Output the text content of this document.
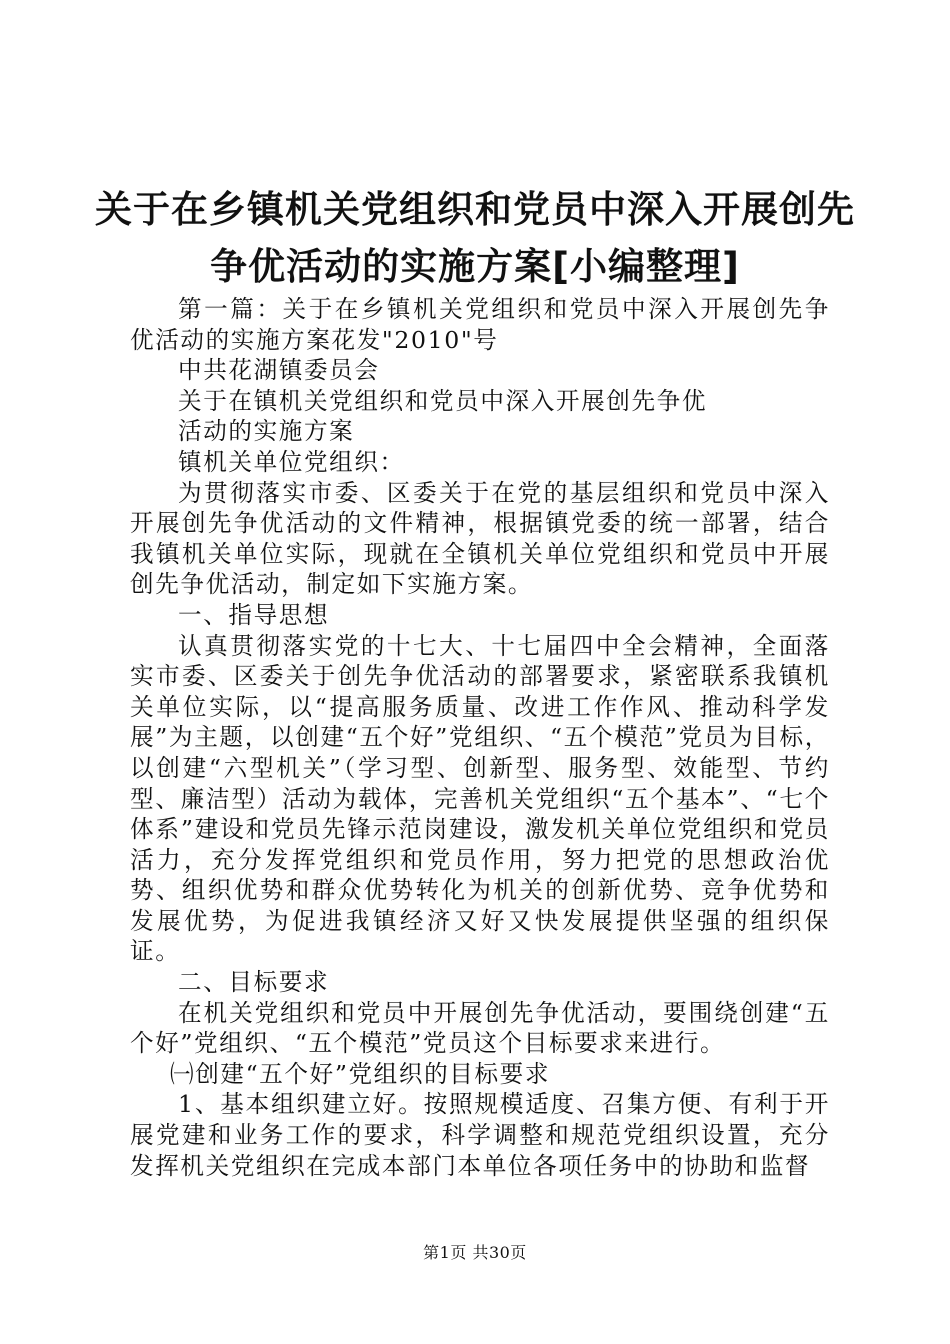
关于在乡镇机关党组织和党员中深入开展创先
争优活动的实施方案[小编整理]

第一篇：关于在乡镇机关党组织和党员中深入开展创先争优活动的实施方案花发"2010"号

中共花湖镇委员会

关于在镇机关党组织和党员中深入开展创先争优

活动的实施方案

镇机关单位党组织：

为贯彻落实市委、区委关于在党的基层组织和党员中深入开展创先争优活动的文件精神，根据镇党委的统一部署，结合我镇机关单位实际，现就在全镇机关单位党组织和党员中开展创先争优活动，制定如下实施方案。

一、指导思想

认真贯彻落实党的十七大、十七届四中全会精神，全面落实市委、区委关于创先争优活动的部署要求，紧密联系我镇机关单位实际，以“提高服务质量、改进工作作风、推动科学发展”为主题，以创建“五个好”党组织、“五个模范”党员为目标，以创建“六型机关”（学习型、创新型、服务型、效能型、节约型、廉洁型）活动为载体，完善机关党组织“五个基本”、“七个体系”建设和党员先锋示范岗建设，激发机关单位党组织和党员活力，充分发挥党组织和党员作用，努力把党的思想政治优势、组织优势和群众优势转化为机关的创新优势、竞争优势和发展优势，为促进我镇经济又好又快发展提供坚强的组织保证。

二、目标要求

在机关党组织和党员中开展创先争优活动，要围绕创建“五个好”党组织、“五个模范”党员这个目标要求来进行。

㈠创建“五个好”党组织的目标要求

1、基本组织建立好。按照规模适度、召集方便、有利于开展党建和业务工作的要求，科学调整和规范党组织设置，充分发挥机关党组织在完成本部门本单位各项任务中的协助和监督

第1页 共30页
